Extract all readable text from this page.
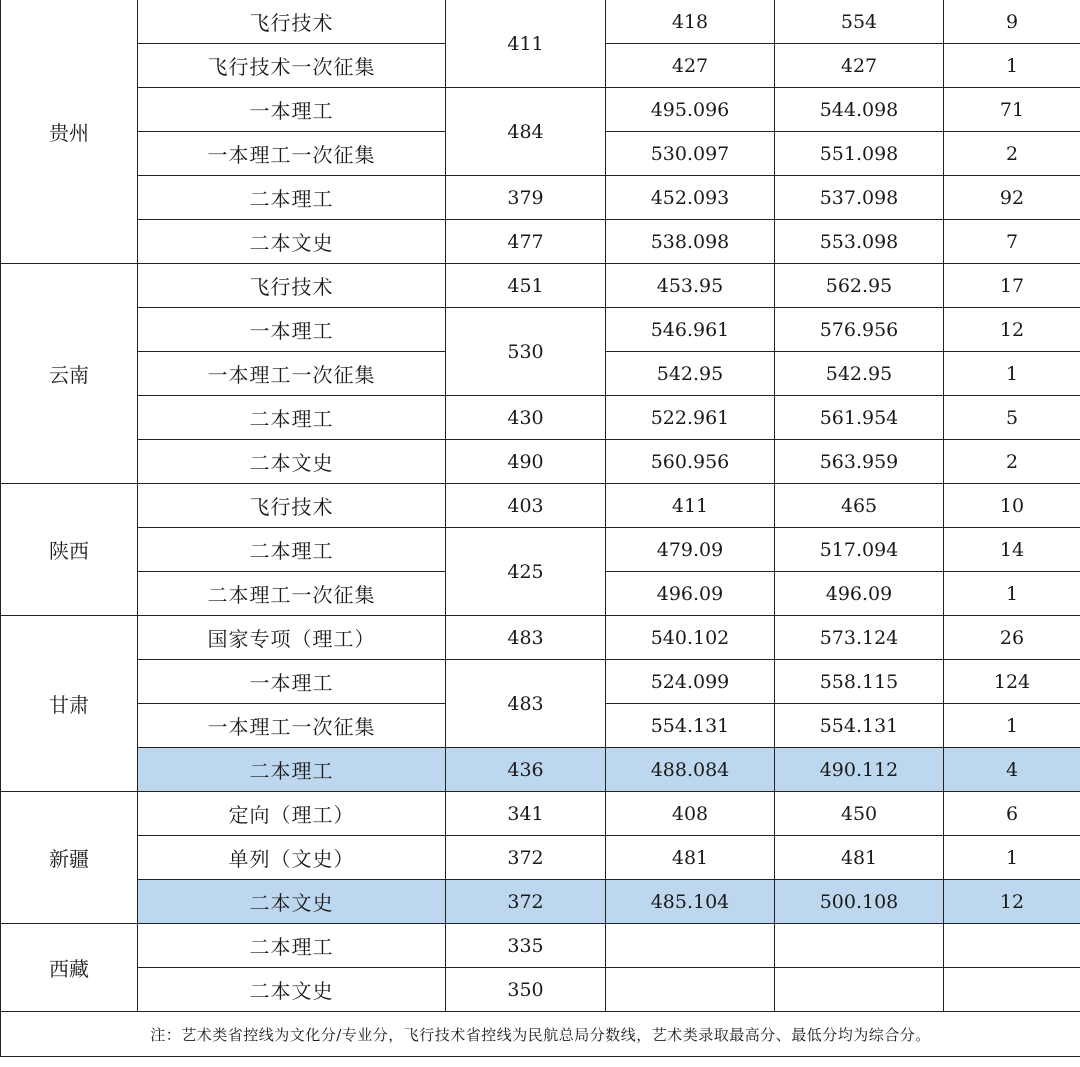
贵州	飞行技术	411	418	554	9
	飞行技术一次征集		427	427	1
	一本理工	484	495.096	544.098	71
	一本理工一次征集		530.097	551.098	2
	二本理工	379	452.093	537.098	92
	二本文史	477	538.098	553.098	7
云南	飞行技术	451	453.95	562.95	17
	一本理工	530	546.961	576.956	12
	一本理工一次征集		542.95	542.95	1
	二本理工	430	522.961	561.954	5
	二本文史	490	560.956	563.959	2
陕西	飞行技术	403	411	465	10
	二本理工	425	479.09	517.094	14
	二本理工一次征集		496.09	496.09	1
甘肃	国家专项（理工）	483	540.102	573.124	26
	一本理工	483	524.099	558.115	124
	一本理工一次征集		554.131	554.131	1
	二本理工	436	488.084	490.112	4
新疆	定向（理工）	341	408	450	6
	单列（文史）	372	481	481	1
	二本文史	372	485.104	500.108	12
西藏	二本理工	335			
	二本文史	350			
注：艺术类省控线为文化分/专业分，飞行技术省控线为民航总局分数线，艺术类录取最高分、最低分均为综合分。					
